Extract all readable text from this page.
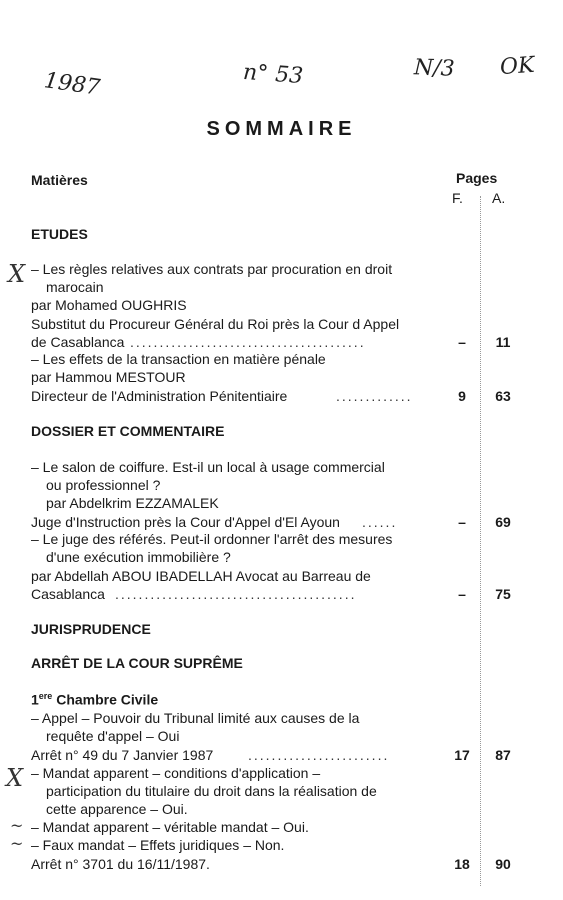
1987	n° 53	N/3 OK
SOMMAIRE
Matières	Pages
F. A.
ETUDES
X – Les règles relatives aux contrats par procuration en droit
marocain
par Mohamed OUGHRIS
Substitut du Procureur Général du Roi près la Cour d Appel
de Casablanca ........................................	–	11
– Les effets de la transaction en matière pénale
par Hammou MESTOUR
Directeur de l'Administration Pénitentiaire	.............	9	63
DOSSIER ET COMMENTAIRE
– Le salon de coiffure. Est-il un local à usage commercial
ou professionnel ?
par Abdelkrim EZZAMALEK
Juge d'Instruction près la Cour d'Appel d'El Ayoun ......	–	69
– Le juge des référés. Peut-il ordonner l'arrêt des mesures
d'une exécution immobilière ?
par Abdellah ABOU IBADELLAH Avocat au Barreau de
Casablanca .........................................	–	75
JURISPRUDENCE
ARRÊT DE LA COUR SUPRÊME
1ere Chambre Civile
– Appel – Pouvoir du Tribunal limité aux causes de la
requête d'appel – Oui
Arrêt n° 49 du 7 Janvier 1987 ........................	17	87
X – Mandat apparent – conditions d'application –
participation du titulaire du droit dans la réalisation de
cette apparence – Oui.
~ – Mandat apparent – véritable mandat – Oui.
~ – Faux mandat – Effets juridiques – Non.
Arrêt n° 3701 du 16/11/1987.	18	90
